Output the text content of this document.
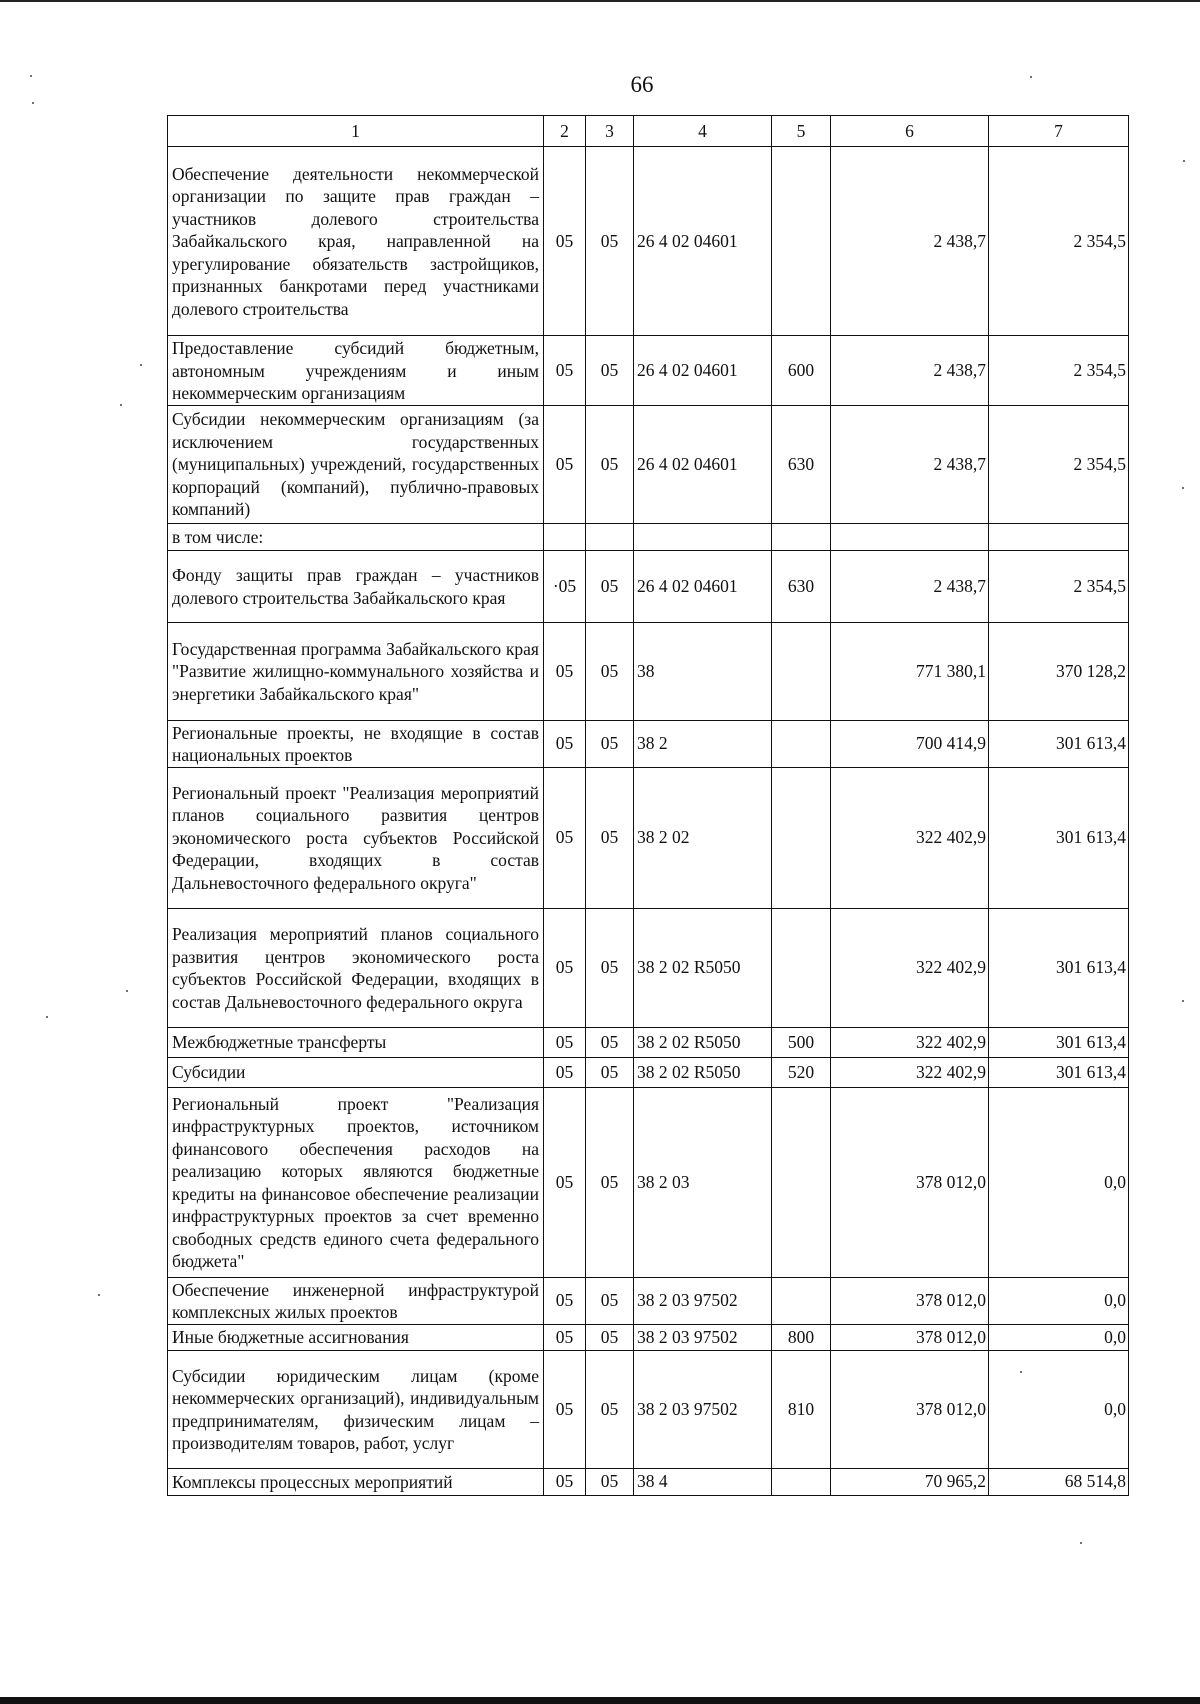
66
1	2	3	4	5	6	7
Обеспечение деятельности некоммерческой организации по защите прав граждан – участников долевого строительства Забайкальского края, направленной на урегулирование обязательств застройщиков, признанных банкротами перед участниками долевого строительства	05	05	26 4 02 04601		2 438,7	2 354,5
Предоставление субсидий бюджетным, автономным учреждениям и иным некоммерческим организациям	05	05	26 4 02 04601	600	2 438,7	2 354,5
Субсидии некоммерческим организациям (за исключением государственных (муниципальных) учреждений, государственных корпораций (компаний), публично-правовых компаний)	05	05	26 4 02 04601	630	2 438,7	2 354,5
в том числе:						
Фонду защиты прав граждан – участников долевого строительства Забайкальского края	·05	05	26 4 02 04601	630	2 438,7	2 354,5
Государственная программа Забайкальского края "Развитие жилищно-коммунального хозяйства и энергетики Забайкальского края"	05	05	38		771 380,1	370 128,2
Региональные проекты, не входящие в состав национальных проектов	05	05	38 2		700 414,9	301 613,4
Региональный проект "Реализация мероприятий планов социального развития центров экономического роста субъектов Российской Федерации, входящих в состав Дальневосточного федерального округа"	05	05	38 2 02		322 402,9	301 613,4
Реализация мероприятий планов социального развития центров экономического роста субъектов Российской Федерации, входящих в состав Дальневосточного федерального округа	05	05	38 2 02 R5050		322 402,9	301 613,4
Межбюджетные трансферты	05	05	38 2 02 R5050	500	322 402,9	301 613,4
Субсидии	05	05	38 2 02 R5050	520	322 402,9	301 613,4
Региональный проект "Реализация инфраструктурных проектов, источником финансового обеспечения расходов на реализацию которых являются бюджетные кредиты на финансовое обеспечение реализации инфраструктурных проектов за счет временно свободных средств единого счета федерального бюджета"	05	05	38 2 03		378 012,0	0,0
Обеспечение инженерной инфраструктурой комплексных жилых проектов	05	05	38 2 03 97502		378 012,0	0,0
Иные бюджетные ассигнования	05	05	38 2 03 97502	800	378 012,0	0,0
Субсидии юридическим лицам (кроме некоммерческих организаций), индивидуальным предпринимателям, физическим лицам – производителям товаров, работ, услуг	05	05	38 2 03 97502	810	378 012,0	0,0
Комплексы процессных мероприятий	05	05	38 4		70 965,2	68 514,8
